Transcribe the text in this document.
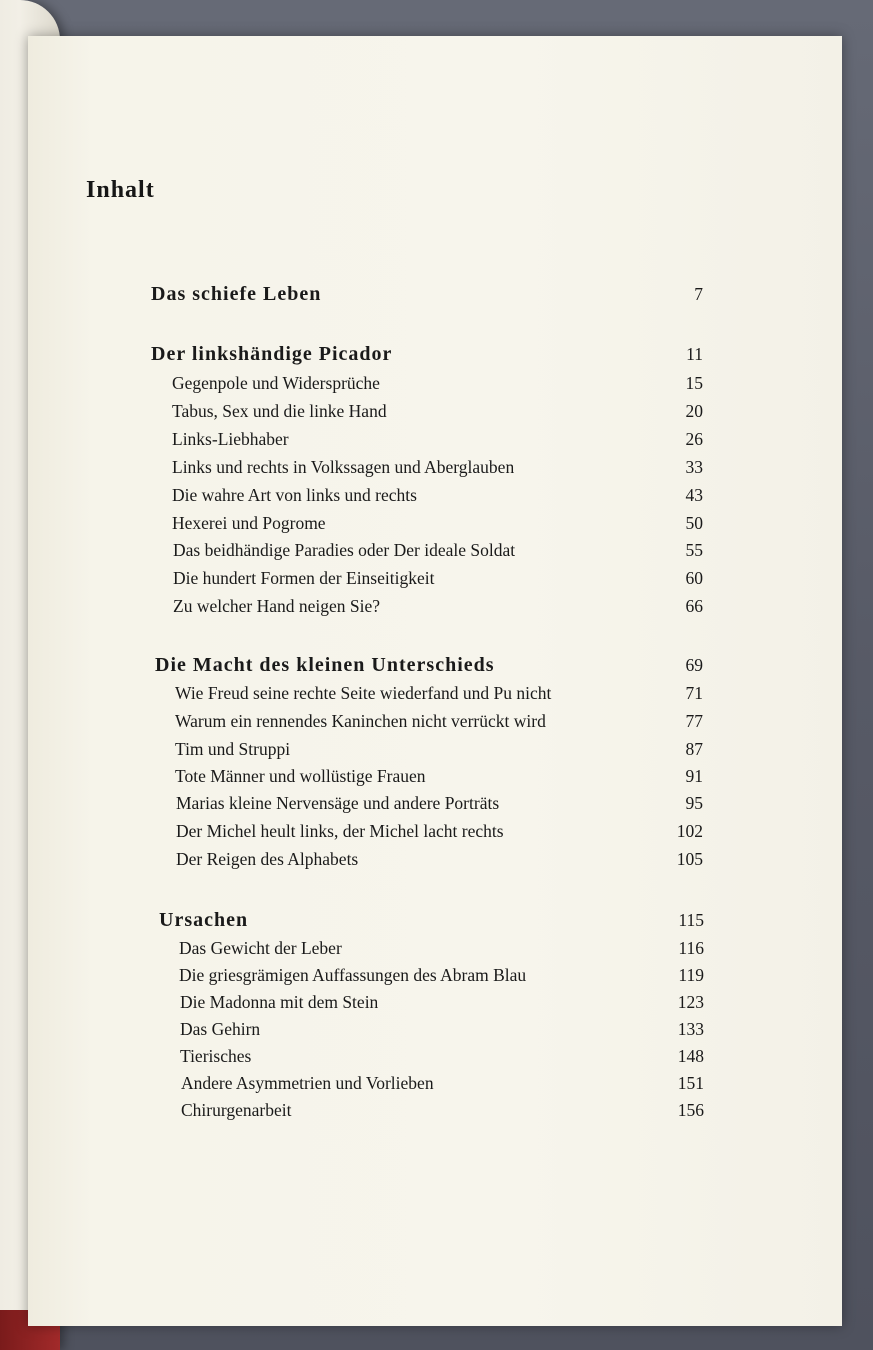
Inhalt
Das schiefe Leben	7
Der linkshändige Picador	11
Gegenpole und Widersprüche	15
Tabus, Sex und die linke Hand	20
Links-Liebhaber	26
Links und rechts in Volkssagen und Aberglauben	33
Die wahre Art von links und rechts	43
Hexerei und Pogrome	50
Das beidhändige Paradies oder Der ideale Soldat	55
Die hundert Formen der Einseitigkeit	60
Zu welcher Hand neigen Sie?	66
Die Macht des kleinen Unterschieds	69
Wie Freud seine rechte Seite wiederfand und Pu nicht	71
Warum ein rennendes Kaninchen nicht verrückt wird	77
Tim und Struppi	87
Tote Männer und wollüstige Frauen	91
Marias kleine Nervensäge und andere Porträts	95
Der Michel heult links, der Michel lacht rechts	102
Der Reigen des Alphabets	105
Ursachen	115
Das Gewicht der Leber	116
Die griesgrämigen Auffassungen des Abram Blau	119
Die Madonna mit dem Stein	123
Das Gehirn	133
Tierisches	148
Andere Asymmetrien und Vorlieben	151
Chirurgenarbeit	156
